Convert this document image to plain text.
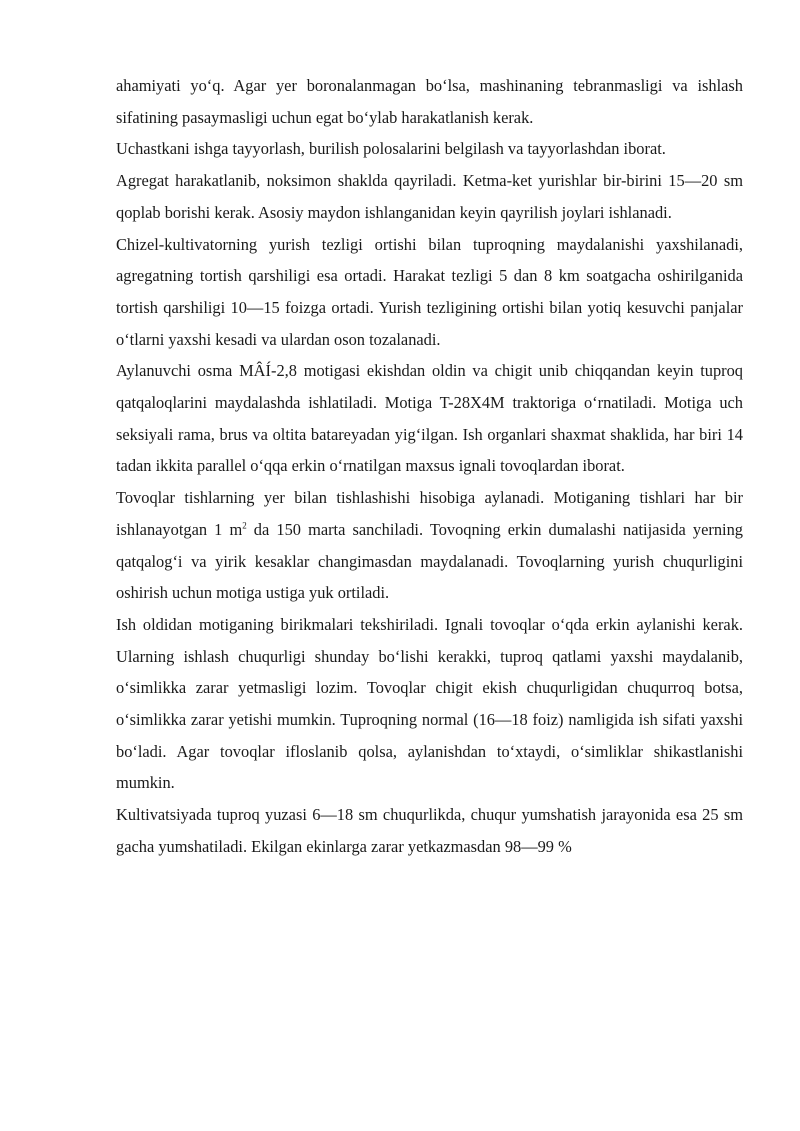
ahamiyati yo‘q. Agar yer boronalanmagan bo‘lsa, mashinaning tebranmasligi va ishlash sifatining pasaymasligi uchun egat bo‘ylab harakatlanish kerak.

Uchastkani ishga tayyorlash, burilish polosalarini belgilash va tayyorlashdan iborat.

Agregat harakatlanib, noksimon shaklda qayriladi. Ketma-ket yurishlar bir-birini 15—20 sm qoplab borishi kerak. Asosiy maydon ishlanganidan keyin qayrilish joylari ishlanadi.

Chizel-kultivatorning yurish tezligi ortishi bilan tuproqning maydalanishi yaxshilanadi, agregatning tortish qarshiligi esa ortadi. Harakat tezligi 5 dan 8 km soatgacha oshirilganida tortish qarshiligi 10—15 foizga ortadi. Yurish tezligining ortishi bilan yotiq kesuvchi panjalar o‘tlarni yaxshi kesadi va ulardan oson tozalanadi.

Aylanuvchi osma MÂÍ-2,8 motigasi ekishdan oldin va chigit unib chiqqandan keyin tuproq qatqaloqlarini maydalashda ishlatiladi. Motiga T-28X4M traktoriga o‘rnatiladi. Motiga uch seksiyali rama, brus va oltita batareyadan yig‘ilgan. Ish organlari shaxmat shaklida, har biri 14 tadan ikkita parallel o‘qqa erkin o‘rnatilgan maxsus ignali tovoqlardan iborat.

Tovoqlar tishlarning yer bilan tishlashishi hisobiga aylanadi. Motiganing tishlari har bir ishlanayotgan 1 $m^2$ da 150 marta sanchiladi. Tovoqning erkin dumalashi natijasida yerning qatqalog‘i va yirik kesaklar changimasdan maydalanadi. Tovoqlarning yurish chuqurligini oshirish uchun motiga ustiga yuk ortiladi.

Ish oldidan motiganing birikmalari tekshiriladi. Ignali tovoqlar o‘qda erkin aylanishi kerak. Ularning ishlash chuqurligi shunday bo‘lishi kerakki, tuproq qatlami yaxshi maydalanib, o‘simlikka zarar yetmasligi lozim. Tovoqlar chigit ekish chuqurligidan chuqurroq botsa, o‘simlikka zarar yetishi mumkin. Tuproqning normal (16—18 foiz) namligida ish sifati yaxshi bo‘ladi. Agar tovoqlar ifloslanib qolsa, aylanishdan to‘xtaydi, o‘simliklar shikastlanishi mumkin.

Kultivatsiyada tuproq yuzasi 6—18 sm chuqurlikda, chuqur yumshatish jarayonida esa 25 sm gacha yumshatiladi. Ekilgan ekinlarga zarar yetkazmasdan 98—99 %
